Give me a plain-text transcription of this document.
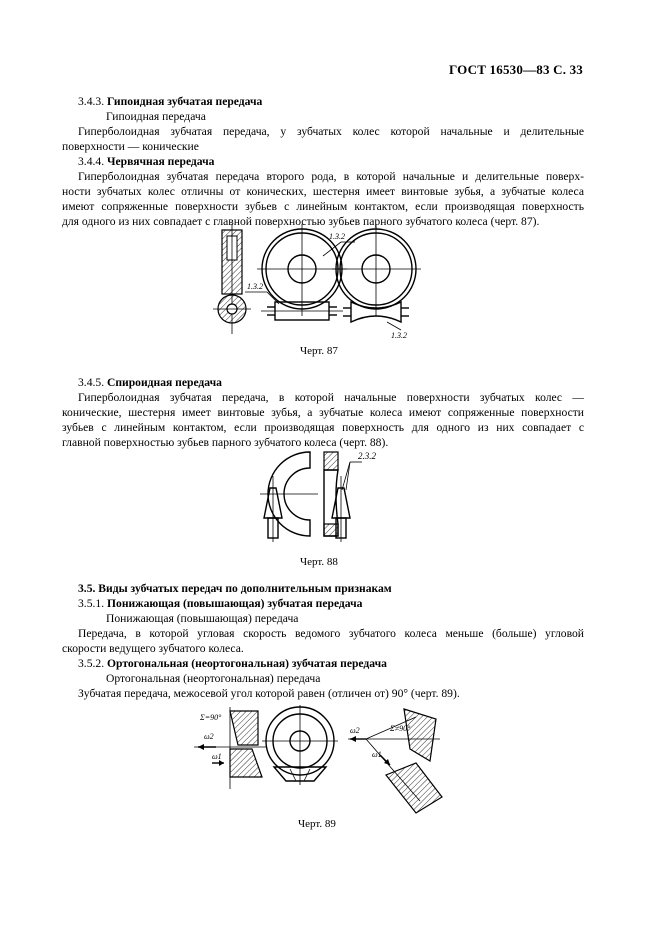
ГОСТ 16530—83 С. 33
3.4.3. Гипоидная зубчатая передача
Гипоидная передача
Гиперболоидная зубчатая передача, у зубчатых колес которой начальные и делительные
поверхности — конические
3.4.4. Червячная передача
Гиперболоидная зубчатая передача второго рода, в которой начальные и делительные поверх-
ности зубчатых колес отличны от конических, шестерня имеет винтовые зубья, а зубчатые колеса
имеют сопряженные поверхности зубьев с линейным контактом, если производящая поверхность
для одного из них совпадает с главной поверхностью зубьев парного зубчатого колеса (черт. 87).
1.3.2
1.3.2
1.3.2
Черт. 87
3.4.5. Спироидная передача
Гиперболоидная зубчатая передача, в которой начальные поверхности зубчатых колес —
конические, шестерня имеет винтовые зубья, а зубчатые колеса имеют сопряженные поверхности
зубьев с линейным контактом, если производящая поверхность для одного из них совпадает с
главной поверхностью зубьев парного зубчатого колеса (черт. 88).
2.3.2
Черт. 88
3.5. Виды зубчатых передач по дополнительным признакам
3.5.1. Понижающая (повышающая) зубчатая передача
Понижающая (повышающая) передача
Передача, в которой угловая скорость ведомого зубчатого колеса меньше (больше) угловой
скорости ведущего зубчатого колеса.
3.5.2. Ортогональная (неортогональная) зубчатая передача
Ортогональная (неортогональная) передача
Зубчатая передача, межосевой угол которой равен (отличен от) 90° (черт. 89).
Σ=90°
ω2
ω1
Σ≠90°
ω2
ω1
Черт. 89
